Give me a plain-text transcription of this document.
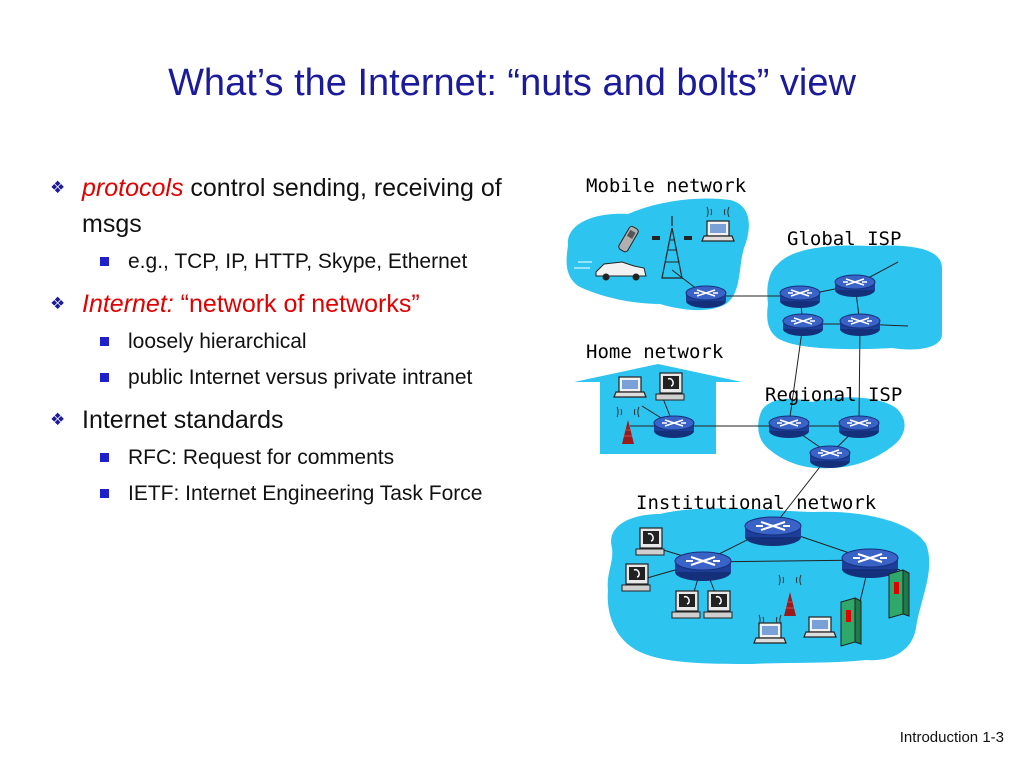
What’s the Internet: “nuts and bolts” view
❖ protocols control sending, receiving of msgs
e.g., TCP, IP, HTTP, Skype, Ethernet
❖ Internet: “network of networks”
loosely hierarchical
public Internet versus private intranet
❖ Internet standards
RFC: Request for comments
IETF: Internet Engineering Task Force
Mobile network
Global ISP
Home network
Regional ISP
Institutional network
Introduction 1-3
